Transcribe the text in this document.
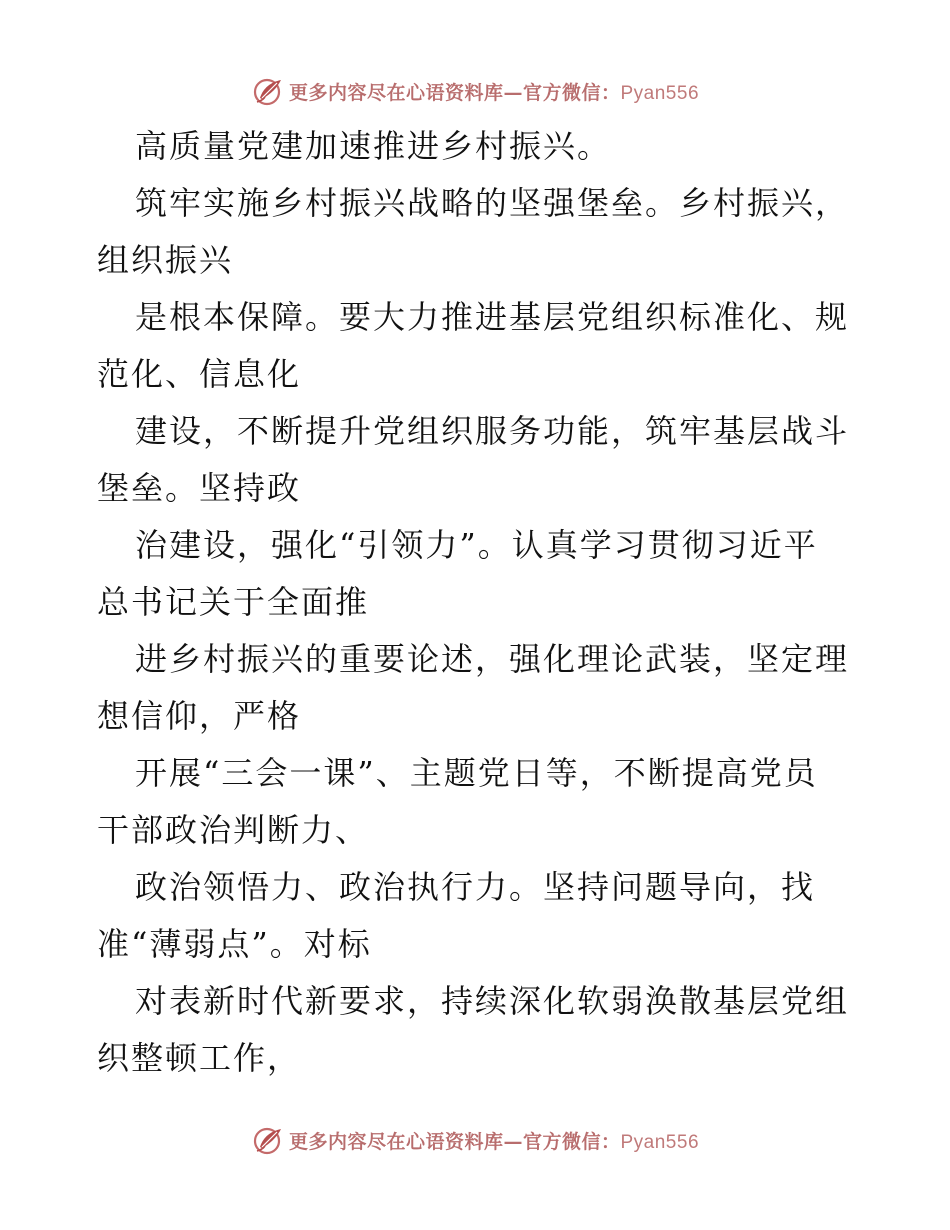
更多内容尽在心语资料库—官方微信：Pyan556
高质量党建加速推进乡村振兴。
筑牢实施乡村振兴战略的坚强堡垒。乡村振兴，
组织振兴
是根本保障。要大力推进基层党组织标准化、规
范化、信息化
建设，不断提升党组织服务功能，筑牢基层战斗
堡垒。坚持政
治建设，强化“引领力”。认真学习贯彻习近平
总书记关于全面推
进乡村振兴的重要论述，强化理论武装，坚定理
想信仰，严格
开展“三会一课”、主题党日等，不断提高党员
干部政治判断力、
政治领悟力、政治执行力。坚持问题导向，找
准“薄弱点”。对标
对表新时代新要求，持续深化软弱涣散基层党组
织整顿工作，
更多内容尽在心语资料库—官方微信：Pyan556
